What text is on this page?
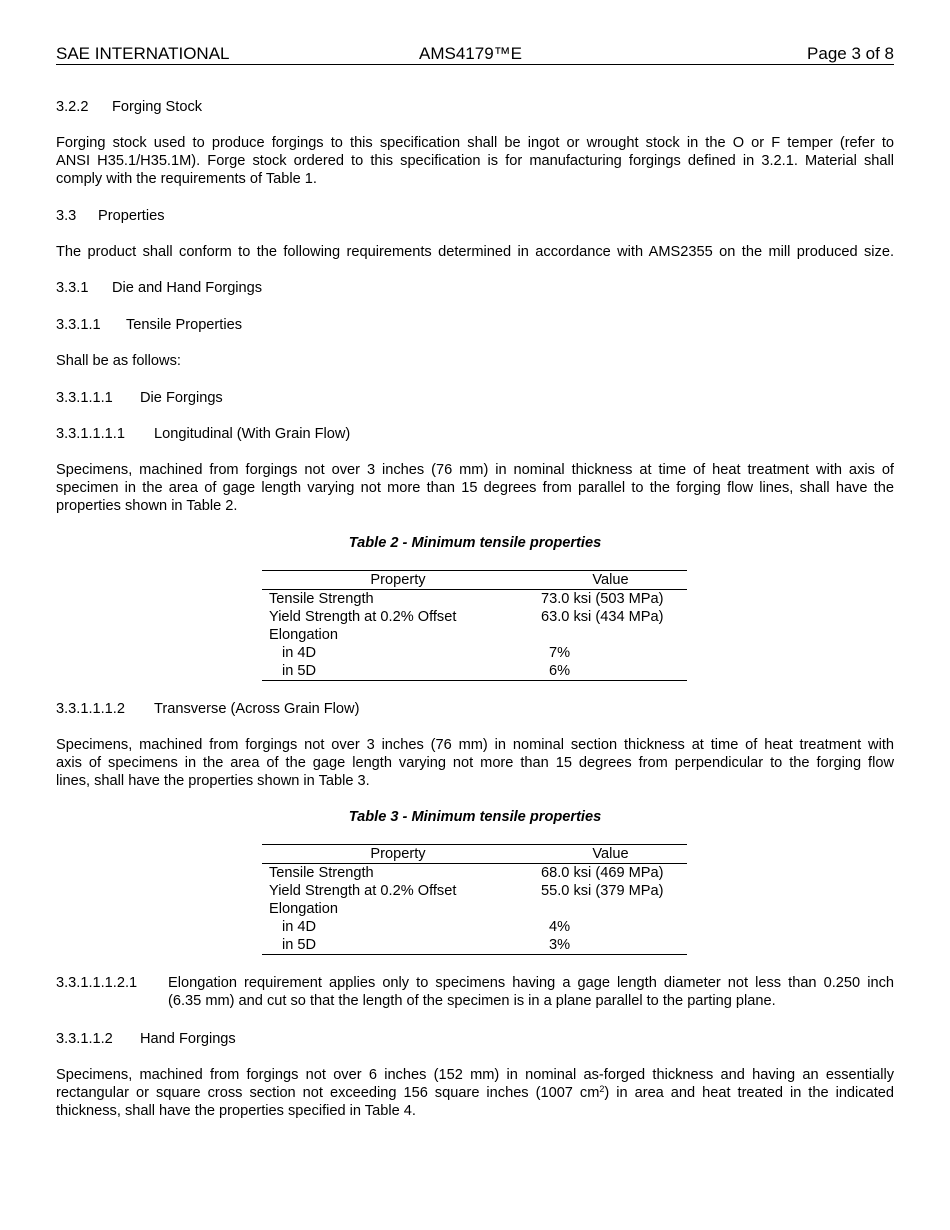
SAE INTERNATIONAL	AMS4179™E	Page 3 of 8
3.2.2 Forging Stock
Forging stock used to produce forgings to this specification shall be ingot or wrought stock in the O or F temper (refer to
ANSI H35.1/H35.1M). Forge stock ordered to this specification is for manufacturing forgings defined in 3.2.1. Material shall
comply with the requirements of Table 1.
3.3 Properties
The product shall conform to the following requirements determined in accordance with AMS2355 on the mill produced size.
3.3.1 Die and Hand Forgings
3.3.1.1 Tensile Properties
Shall be as follows:
3.3.1.1.1 Die Forgings
3.3.1.1.1.1 Longitudinal (With Grain Flow)
Specimens, machined from forgings not over 3 inches (76 mm) in nominal thickness at time of heat treatment with axis of
specimen in the area of gage length varying not more than 15 degrees from parallel to the forging flow lines, shall have the
properties shown in Table 2.
Table 2 - Minimum tensile properties
Property	Value
Tensile Strength	73.0 ksi (503 MPa)
Yield Strength at 0.2% Offset	63.0 ksi (434 MPa)
Elongation	
in 4D	7%
in 5D	6%
3.3.1.1.1.2 Transverse (Across Grain Flow)
Specimens, machined from forgings not over 3 inches (76 mm) in nominal section thickness at time of heat treatment with
axis of specimens in the area of the gage length varying not more than 15 degrees from perpendicular to the forging flow
lines, shall have the properties shown in Table 3.
Table 3 - Minimum tensile properties
Property	Value
Tensile Strength	68.0 ksi (469 MPa)
Yield Strength at 0.2% Offset	55.0 ksi (379 MPa)
Elongation	
in 4D	4%
in 5D	3%
3.3.1.1.1.2.1 Elongation requirement applies only to specimens having a gage length diameter not less than 0.250 inch
(6.35 mm) and cut so that the length of the specimen is in a plane parallel to the parting plane.
3.3.1.1.2 Hand Forgings
Specimens, machined from forgings not over 6 inches (152 mm) in nominal as-forged thickness and having an essentially
rectangular or square cross section not exceeding 156 square inches (1007 $cm^2$) in area and heat treated in the indicated
thickness, shall have the properties specified in Table 4.
